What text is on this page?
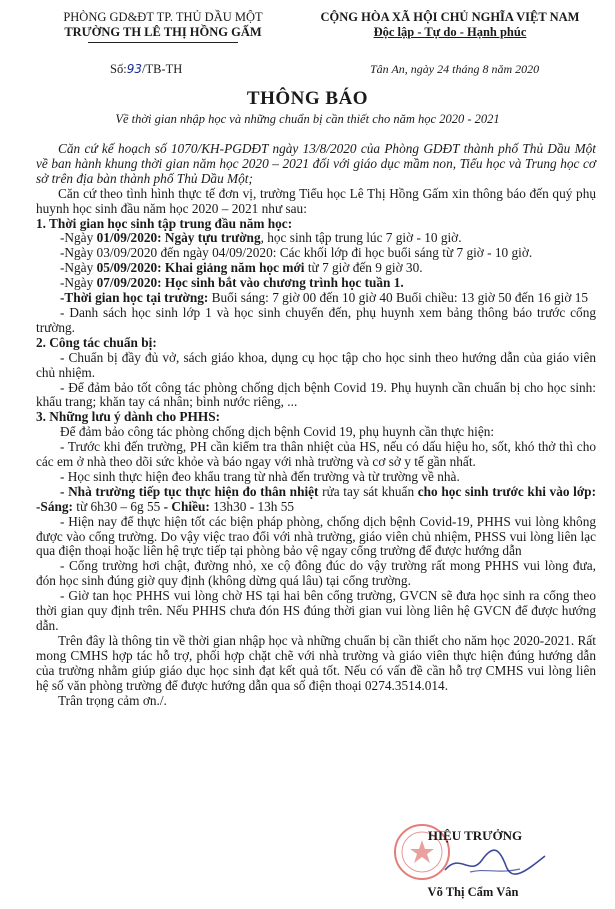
PHÒNG GD&ĐT TP. THỦ DẦU MỘT
TRƯỜNG TH LÊ THỊ HỒNG GẤM
CỘNG HÒA XÃ HỘI CHỦ NGHĨA VIỆT NAM
Độc lập - Tự do - Hạnh phúc
Số:93/TB-TH	Tân An, ngày 24 tháng 8 năm 2020
THÔNG BÁO
Về thời gian nhập học và những chuẩn bị cần thiết cho năm học 2020 - 2021

Căn cứ kế hoạch số 1070/KH-PGDĐT ngày 13/8/2020 của Phòng GDĐT thành phố Thủ Dầu Một về ban hành khung thời gian năm học 2020 – 2021 đối với giáo dục mầm non, Tiểu học và Trung học cơ sở trên địa bàn thành phố Thủ Dầu Một;

Căn cứ theo tình hình thực tế đơn vị, trường Tiểu học Lê Thị Hồng Gấm xin thông báo đến quý phụ huynh học sinh đầu năm học 2020 – 2021 như sau:

1. Thời gian học sinh tập trung đầu năm học:

-Ngày 01/09/2020: Ngày tựu trường, học sinh tập trung lúc 7 giờ - 10 giờ.

-Ngày 03/09/2020 đến ngày 04/09/2020: Các khối lớp đi học buổi sáng từ 7 giờ - 10 giờ.

-Ngày 05/09/2020: Khai giảng năm học mới từ 7 giờ đến 9 giờ 30.

-Ngày 07/09/2020: Học sinh bắt vào chương trình học tuần 1.

-Thời gian học tại trường: Buổi sáng: 7 giờ 00 đến 10 giờ 40 Buổi chiều: 13 giờ 50 đến 16 giờ 15

- Danh sách học sinh lớp 1 và học sinh chuyển đến, phụ huynh xem bảng thông báo trước cổng trường.

2. Công tác chuẩn bị:

- Chuẩn bị đầy đủ vở, sách giáo khoa, dụng cụ học tập cho học sinh theo hướng dẫn của giáo viên chủ nhiệm.

- Để đảm bảo tốt công tác phòng chống dịch bệnh Covid 19. Phụ huynh cần chuẩn bị cho học sinh: khẩu trang; khăn tay cá nhân; bình nước riêng, ...

3. Những lưu ý dành cho PHHS:

Để đảm bảo công tác phòng chống dịch bệnh Covid 19, phụ huynh cần thực hiện:

- Trước khi đến trường, PH cần kiểm tra thân nhiệt của HS, nếu có dấu hiệu ho, sốt, khó thở thì cho các em ở nhà theo dõi sức khỏe và báo ngay với nhà trường và cơ sở y tế gần nhất.

- Học sinh thực hiện đeo khẩu trang từ nhà đến trường và từ trường về nhà.

- Nhà trường tiếp tục thực hiện đo thân nhiệt rửa tay sát khuẩn cho học sinh trước khi vào lớp: -Sáng: từ 6h30 – 6g 55 - Chiều: 13h30 - 13h 55

- Hiện nay để thực hiện tốt các biện pháp phòng, chống dịch bệnh Covid-19, PHHS vui lòng không được vào cổng trường. Do vậy việc trao đổi với nhà trường, giáo viên chủ nhiệm, PHSS vui lòng liên lạc qua điện thoại hoặc liên hệ trực tiếp tại phòng bảo vệ ngay cổng trường để được hướng dẫn

- Cổng trường hơi chật, đường nhỏ, xe cộ đông đúc do vậy trường rất mong PHHS vui lòng đưa, đón học sinh đúng giờ quy định (không dừng quá lâu) tại cổng trường.

- Giờ tan học PHHS vui lòng chờ HS tại hai bên cổng trường, GVCN sẽ đưa học sinh ra cổng theo thời gian quy định trên. Nếu PHHS chưa đón HS đúng thời gian vui lòng liên hệ GVCN để được hướng dẫn.

Trên đây là thông tin về thời gian nhập học và những chuẩn bị cần thiết cho năm học 2020-2021. Rất mong CMHS hợp tác hỗ trợ, phối hợp chặt chẽ với nhà trường và giáo viên thực hiện đúng hướng dẫn của trường nhằm giúp giáo dục học sinh đạt kết quả tốt. Nếu có vấn đề cần hỗ trợ CMHS vui lòng liên hệ số văn phòng trường để được hướng dẫn qua số điện thoại 0274.3514.014.

Trân trọng cảm ơn./.

HIỆU TRƯỞNG
Võ Thị Cẩm Vân
